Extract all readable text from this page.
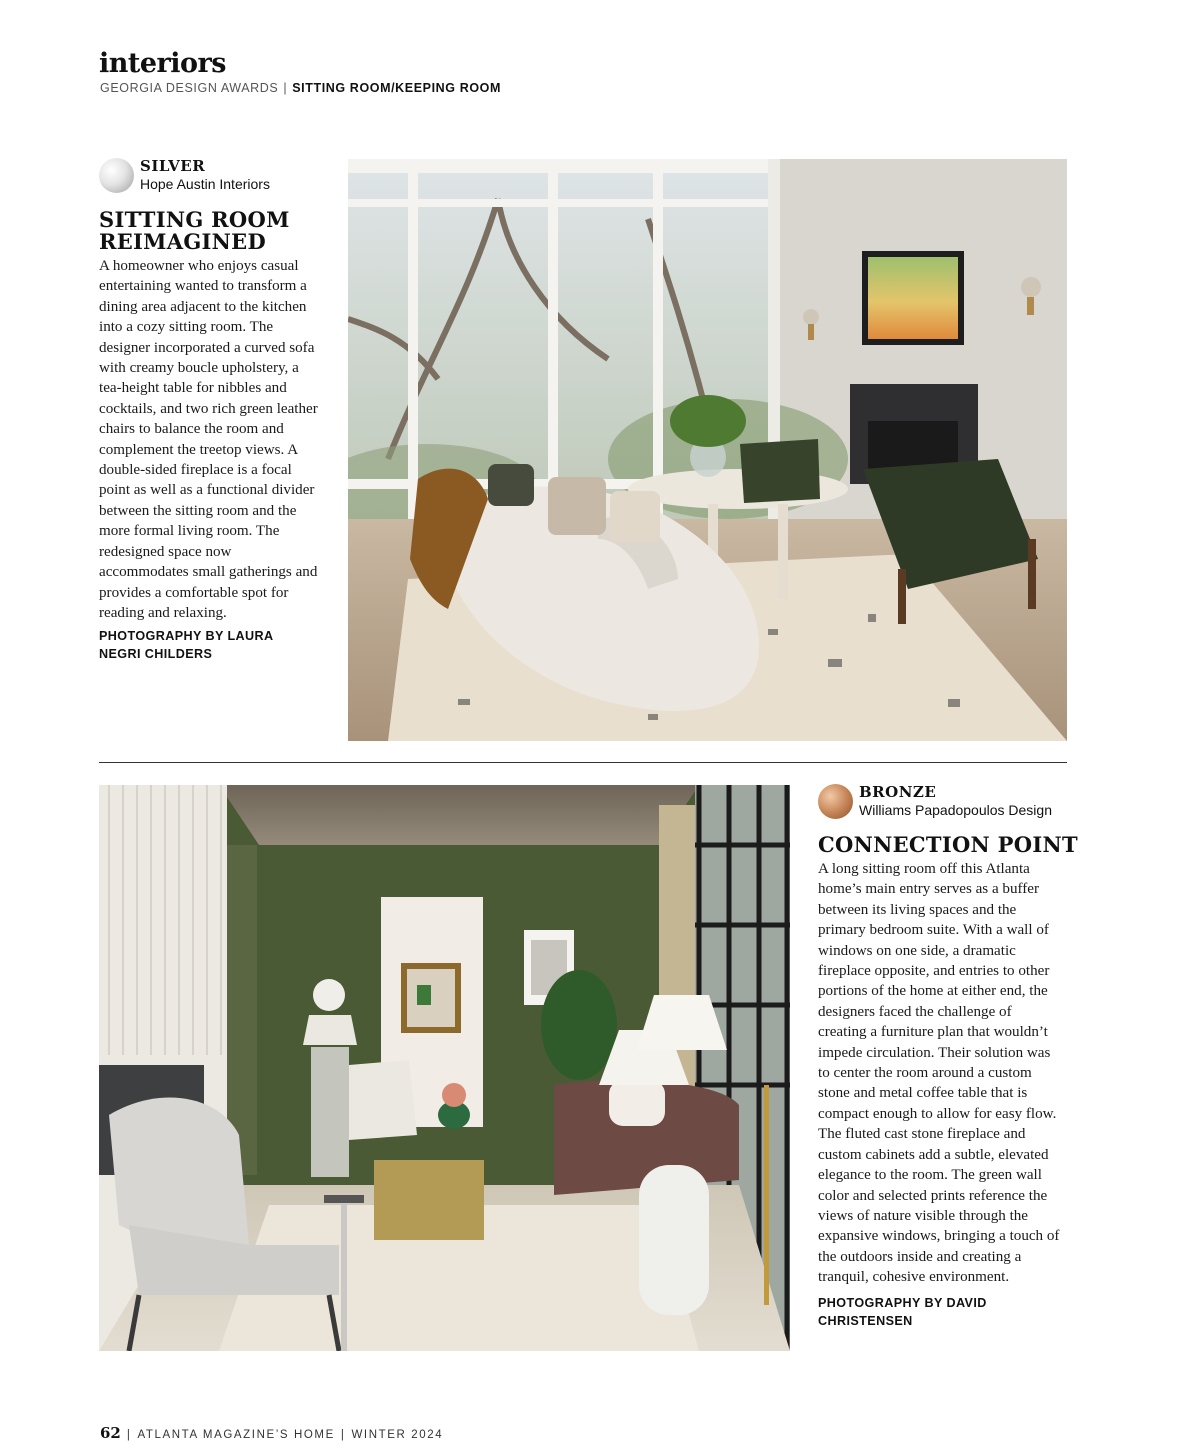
interiors
GEORGIA DESIGN AWARDS | SITTING ROOM/KEEPING ROOM
SILVER
Hope Austin Interiors
SITTING ROOM REIMAGINED

A homeowner who enjoys casual entertaining wanted to transform a dining area adjacent to the kitchen into a cozy sitting room. The designer incorporated a curved sofa with creamy boucle upholstery, a tea-height table for nibbles and cocktails, and two rich green leather chairs to balance the room and complement the treetop views. A double-sided fireplace is a focal point as well as a functional divider between the sitting room and the more formal living room. The redesigned space now accommodates small gatherings and provides a comfortable spot for reading and relaxing.

PHOTOGRAPHY BY LAURA NEGRI CHILDERS

BRONZE
Williams Papadopoulos Design
CONNECTION POINT

A long sitting room off this Atlanta home’s main entry serves as a buffer between its living spaces and the primary bedroom suite. With a wall of windows on one side, a dramatic fireplace opposite, and entries to other portions of the home at either end, the designers faced the challenge of creating a furniture plan that wouldn’t impede circulation. Their solution was to center the room around a custom stone and metal coffee table that is compact enough to allow for easy flow. The fluted cast stone fireplace and custom cabinets add a subtle, elevated elegance to the room. The green wall color and selected prints reference the views of nature visible through the expansive windows, bringing a touch of the outdoors inside and creating a tranquil, cohesive environment.

PHOTOGRAPHY BY DAVID CHRISTENSEN

62 | ATLANTA MAGAZINE’S HOME | WINTER 2024
